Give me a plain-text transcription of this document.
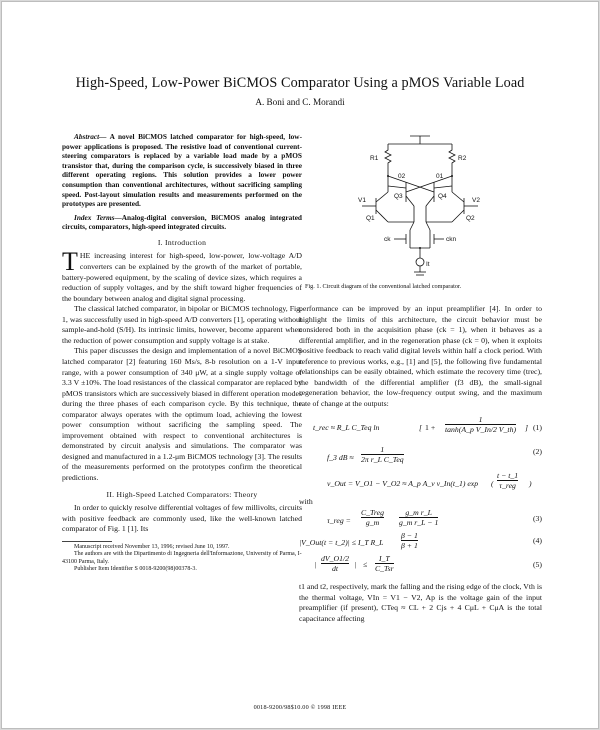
High-Speed, Low-Power BiCMOS Comparator Using a pMOS Variable Load
A. Boni and C. Morandi

Abstract— A novel BiCMOS latched comparator for high-speed, low-power applications is proposed. The resistive load of conventional current-steering comparators is replaced by a variable load made by a pMOS transistor that, during the comparison cycle, is successively biased in three different operating regions. This solution provides a lower power consumption than conventional architectures, without sacrificing sampling speed. Post-layout simulation results and measurements performed on the prototypes are presented.

Index Terms—Analog-digital conversion, BiCMOS analog integrated circuits, comparators, high-speed integrated circuits.

I. Introduction

THE increasing interest for high-speed, low-power, low-voltage A/D converters can be explained by the growth of the market of portable, battery-powered equipment, by the scaling of device sizes, which requires a reduction of supply voltages, and by the shift toward higher frequencies of the boundary between analog and digital signal processing.

The classical latched comparator, in bipolar or BiCMOS technology, Fig. 1, was successfully used in high-speed A/D converters [1], operating without sample-and-hold (S/H). Its intrinsic limits, however, become apparent when the reduction of power consumption and supply voltage is at stake.

This paper discusses the design and implementation of a novel BiCMOS latched comparator [2] featuring 160 Ms/s, 8-b resolution on a 1-V input range, with a power consumption of 340 μW, at a single supply voltage of 3.3 V ±10%. The load resistances of the classical comparator are replaced by pMOS transistors which are successively biased in different operation modes during the three phases of each comparison cycle. By this technique, the comparator always operates with the optimum load, achieving the lowest power consumption without sacrificing the sampling speed. The improvement obtained with respect to conventional architectures is demonstrated by circuit analysis and simulations. The comparator was designed and manufactured in a 1.2-μm BiCMOS technology [3]. The results of the measurements performed on the prototypes confirm the theoretical predictions.

II. High-Speed Latched Comparators: Theory

In order to quickly resolve differential voltages of few millivolts, circuits with positive feedback are commonly used, like the well-known latched comparator of Fig. 1 [1]. Its

Manuscript received November 13, 1996; revised June 10, 1997.

The authors are with the Dipartimento di Ingegneria dell'Informazione, University of Parma, I-43100 Parma, Italy.

Publisher Item Identifier S 0018-9200(98)00378-3.

R1	R2
02	01
V1	V2
Q3	Q4
Q1	Q2
ck	ckn
It
Fig. 1. Circuit diagram of the conventional latched comparator.

performance can be improved by an input preamplifier [4]. In order to highlight the limits of this architecture, the circuit behavior must be considered both in the acquisition phase (ck = 1), when it behaves as a differential amplifier, and in the regeneration phase (ck = 0), when it exploits positive feedback to reach valid digital levels within half a clock period. With reference to previous works, e.g., [1] and [5], the following five fundamental relationships can be easily obtained, which estimate the recovery time (trec), the bandwidth of the differential amplifier (f3 dB), the small-signal regeneration behavior, the low-frequency output swing, and the maximum rate of change at the outputs:

t_rec ≈ R_L C_Teq ln	[ $1 + \frac{1}{\text{tanh(A\_p V\_In/2 V\_th)}}$ ] (1)
f_3 dB ≈
1
2π r_L C_Teq
(2)
v_Out = V_O1 − V_O2 ≈ A_p A_v v_In(t_1) exp (
t − t_1
τ_reg )

with

τ_reg =
C_Treg
g_m	$\frac{\text{g\_m r\_L}}{\text{g\_m r\_L − 1}}$	(3)
|V_Out(t = t_2)| ≤ I_T R_L $\frac{\beta - 1}{\beta + 1}$	(4)
| $\frac{dV\_O1/2}{dt}$ | ≤
I_T
C_Tsr	(5)

t1 and t2, respectively, mark the falling and the rising edge of the clock, Vth is the thermal voltage, VIn = V1 − V2, Ap is the voltage gain of the input preamplifier (if present), CTeq ≈ CL + 2 Cjs + 4 CμL + CμA is the total capacitance affecting

0018-9200/98$10.00 © 1998 IEEE
